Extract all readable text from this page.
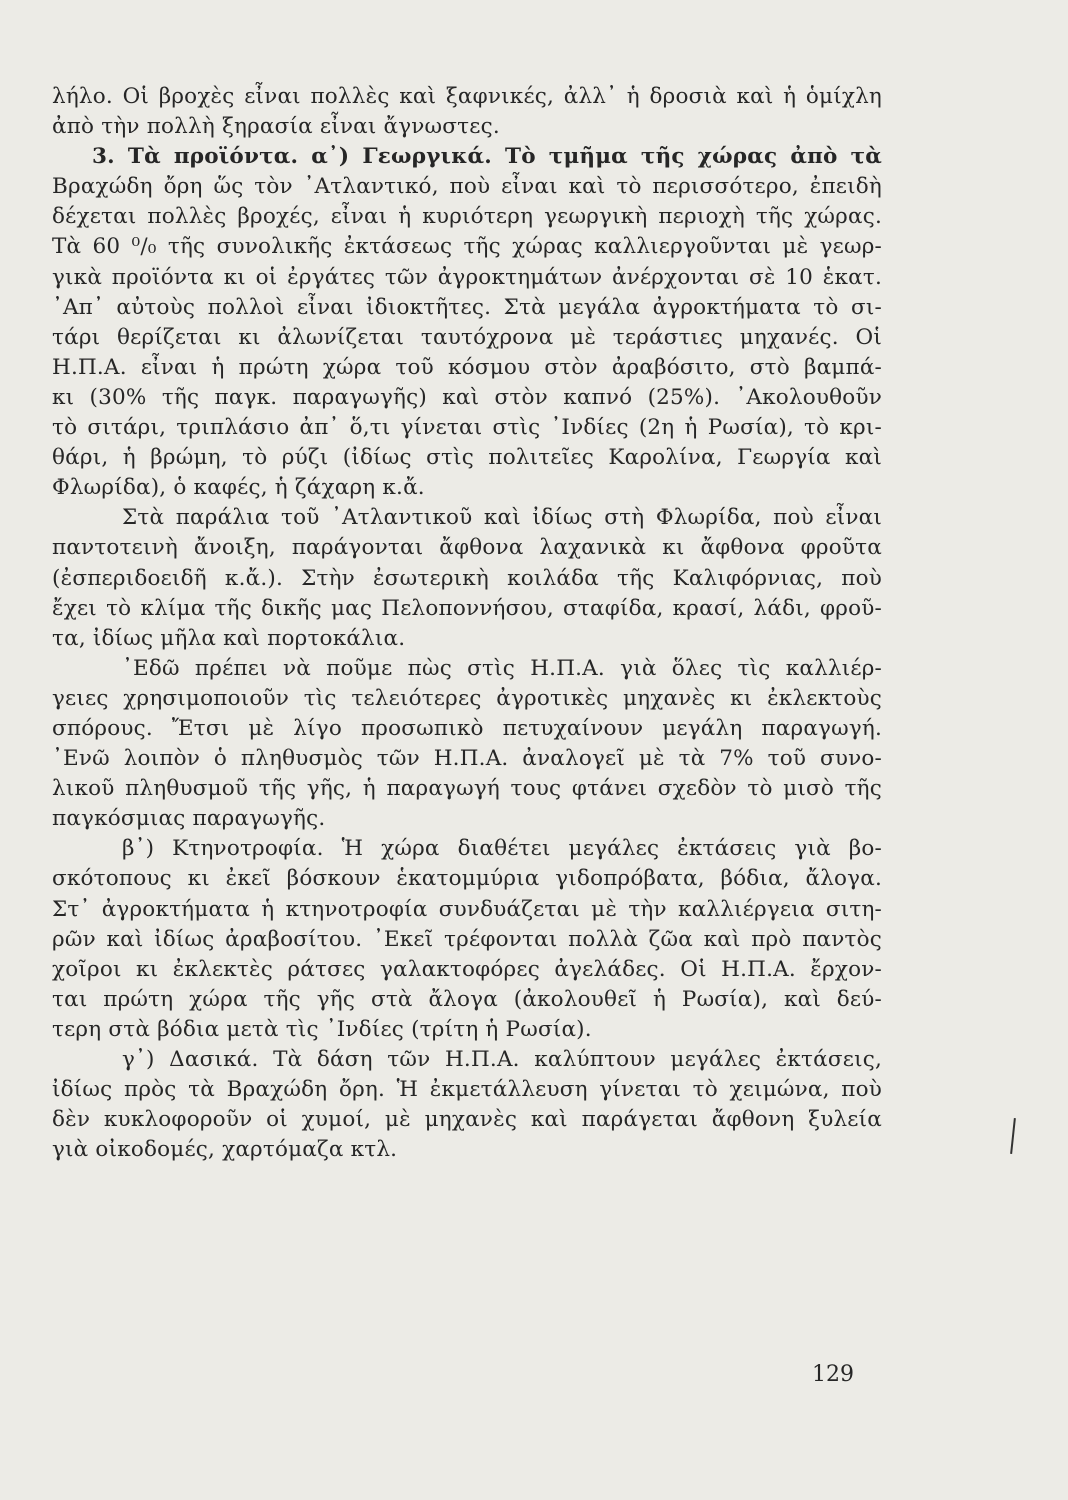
λήλο. Οἱ βροχὲς εἶναι πολλὲς καὶ ξαφνικές, ἀλλ᾽ ἡ δροσιὰ καὶ ἡ ὁμίχλη
ἀπὸ τὴν πολλὴ ξηρασία εἶναι ἄγνωστες.
3. Τὰ προϊόντα. α᾽) Γεωργικά. Τὸ τμῆμα τῆς χώρας ἀπὸ τὰ
Βραχώδη ὄρη ὥς τὸν ᾽Ατλαντικό, ποὺ εἶναι καὶ τὸ περισσότερο, ἐπειδὴ
δέχεται πολλὲς βροχές, εἶναι ἡ κυριότερη γεωργικὴ περιοχὴ τῆς χώρας.
Τὰ 60 ⁰/₀ τῆς συνολικῆς ἐκτάσεως τῆς χώρας καλλιεργοῦνται μὲ γεωρ-
γικὰ προϊόντα κι οἱ ἐργάτες τῶν ἀγροκτημάτων ἀνέρχονται σὲ 10 ἑκατ.
᾽Απ᾽ αὐτοὺς πολλοὶ εἶναι ἰδιοκτῆτες. Στὰ μεγάλα ἀγροκτήματα τὸ σι-
τάρι θερίζεται κι ἀλωνίζεται ταυτόχρονα μὲ τεράστιες μηχανές. Οἱ
Η.Π.Α. εἶναι ἡ πρώτη χώρα τοῦ κόσμου στὸν ἀραβόσιτο, στὸ βαμπά-
κι (30% τῆς παγκ. παραγωγῆς) καὶ στὸν καπνό (25%). ᾽Ακολουθοῦν
τὸ σιτάρι, τριπλάσιο ἀπ᾽ ὅ,τι γίνεται στὶς ᾽Ινδίες (2η ἡ Ρωσία), τὸ κρι-
θάρι, ἡ βρώμη, τὸ ρύζι (ἰδίως στὶς πολιτεῖες Καρολίνα, Γεωργία καὶ
Φλωρίδα), ὁ καφές, ἡ ζάχαρη κ.ἄ.
Στὰ παράλια τοῦ ᾽Ατλαντικοῦ καὶ ἰδίως στὴ Φλωρίδα, ποὺ εἶναι
παντοτεινὴ ἄνοιξη, παράγονται ἄφθονα λαχανικὰ κι ἄφθονα φροῦτα
(ἐσπεριδοειδῆ κ.ἄ.). Στὴν ἐσωτερικὴ κοιλάδα τῆς Καλιφόρνιας, ποὺ
ἔχει τὸ κλίμα τῆς δικῆς μας Πελοποννήσου, σταφίδα, κρασί, λάδι, φροῦ-
τα, ἰδίως μῆλα καὶ πορτοκάλια.
᾽Εδῶ πρέπει νὰ ποῦμε πὼς στὶς Η.Π.Α. γιὰ ὅλες τὶς καλλιέρ-
γειες χρησιμοποιοῦν τὶς τελειότερες ἀγροτικὲς μηχανὲς κι ἐκλεκτοὺς
σπόρους. Ἔτσι μὲ λίγο προσωπικὸ πετυχαίνουν μεγάλη παραγωγή.
᾽Ενῶ λοιπὸν ὁ πληθυσμὸς τῶν Η.Π.Α. ἀναλογεῖ μὲ τὰ 7% τοῦ συνο-
λικοῦ πληθυσμοῦ τῆς γῆς, ἡ παραγωγή τους φτάνει σχεδὸν τὸ μισὸ τῆς
παγκόσμιας παραγωγῆς.
β᾽) Κτηνοτροφία. Ἡ χώρα διαθέτει μεγάλες ἐκτάσεις γιὰ βο-
σκότοπους κι ἐκεῖ βόσκουν ἑκατομμύρια γιδοπρόβατα, βόδια, ἄλογα.
Στ᾽ ἀγροκτήματα ἡ κτηνοτροφία συνδυάζεται μὲ τὴν καλλιέργεια σιτη-
ρῶν καὶ ἰδίως ἀραβοσίτου. ᾽Εκεῖ τρέφονται πολλὰ ζῶα καὶ πρὸ παντὸς
χοῖροι κι ἐκλεκτὲς ράτσες γαλακτοφόρες ἀγελάδες. Οἱ Η.Π.Α. ἔρχον-
ται πρώτη χώρα τῆς γῆς στὰ ἄλογα (ἀκολουθεῖ ἡ Ρωσία), καὶ δεύ-
τερη στὰ βόδια μετὰ τὶς ᾽Ινδίες (τρίτη ἡ Ρωσία).
γ᾽) Δασικά. Τὰ δάση τῶν Η.Π.Α. καλύπτουν μεγάλες ἐκτάσεις,
ἰδίως πρὸς τὰ Βραχώδη ὄρη. Ἡ ἐκμετάλλευση γίνεται τὸ χειμώνα, ποὺ
δὲν κυκλοφοροῦν οἱ χυμοί, μὲ μηχανὲς καὶ παράγεται ἄφθονη ξυλεία
γιὰ οἰκοδομές, χαρτόμαζα κτλ.
129
